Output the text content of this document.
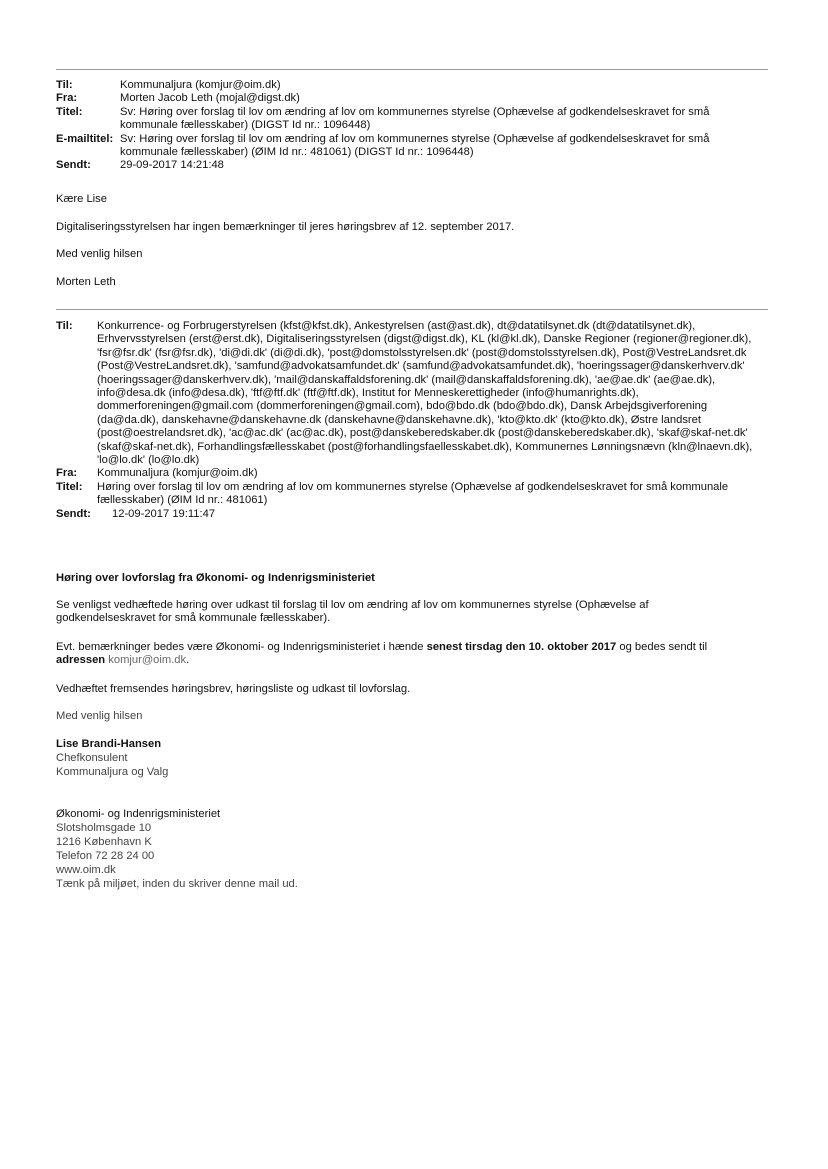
Til:	Kommunaljura (komjur@oim.dk)
Fra:	Morten Jacob Leth (mojal@digst.dk)
Titel:	Sv: Høring over forslag til lov om ændring af lov om kommunernes styrelse (Ophævelse af godkendelseskravet for små kommunale fællesskaber) (DIGST Id nr.: 1096448)
E-mailtitel: Sv: Høring over forslag til lov om ændring af lov om kommunernes styrelse (Ophævelse af godkendelseskravet for små kommunale fællesskaber) (ØIM Id nr.: 481061) (DIGST Id nr.: 1096448)
Sendt:	29-09-2017 14:21:48

Kære Lise

Digitaliseringsstyrelsen har ingen bemærkninger til jeres høringsbrev af 12. september 2017.

Med venlig hilsen

Morten Leth

Til:	Konkurrence- og Forbrugerstyrelsen (kfst@kfst.dk), Ankestyrelsen (ast@ast.dk), dt@datatilsynet.dk (dt@datatilsynet.dk), Erhvervsstyrelsen (erst@erst.dk), Digitaliseringsstyrelsen (digst@digst.dk), KL (kl@kl.dk), Danske Regioner (regioner@regioner.dk), 'fsr@fsr.dk' (fsr@fsr.dk), 'di@di.dk' (di@di.dk), 'post@domstolsstyrelsen.dk' (post@domstolsstyrelsen.dk), Post@VestreLandsret.dk (Post@VestreLandsret.dk), 'samfund@advokatsamfundet.dk' (samfund@advokatsamfundet.dk), 'hoeringssager@danskerhverv.dk' (hoeringssager@danskerhverv.dk), 'mail@danskaffaldsforening.dk' (mail@danskaffaldsforening.dk), 'ae@ae.dk' (ae@ae.dk), info@desa.dk (info@desa.dk), 'ftf@ftf.dk' (ftf@ftf.dk), Institut for Menneskerettigheder (info@humanrights.dk), dommerforeningen@gmail.com (dommerforeningen@gmail.com), bdo@bdo.dk (bdo@bdo.dk), Dansk Arbejdsgiverforening (da@da.dk), danskehavne@danskehavne.dk (danskehavne@danskehavne.dk), 'kto@kto.dk' (kto@kto.dk), Østre landsret (post@oestrelandsret.dk), 'ac@ac.dk' (ac@ac.dk), post@danskeberedskaber.dk (post@danskeberedskaber.dk), 'skaf@skaf-net.dk' (skaf@skaf-net.dk), Forhandlingsfællesskabet (post@forhandlingsfaellesskabet.dk), Kommunernes Lønningsnævn (kln@lnaevn.dk), 'lo@lo.dk' (lo@lo.dk)
Fra:	Kommunaljura (komjur@oim.dk)
Titel:	Høring over forslag til lov om ændring af lov om kommunernes styrelse (Ophævelse af godkendelseskravet for små kommunale fællesskaber) (ØIM Id nr.: 481061)
Sendt:	12-09-2017 19:11:47

Høring over lovforslag fra Økonomi- og Indenrigsministeriet

Se venligst vedhæftede høring over udkast til forslag til lov om ændring af lov om kommunernes styrelse (Ophævelse af godkendelseskravet for små kommunale fællesskaber).

Evt. bemærkninger bedes være Økonomi- og Indenrigsministeriet i hænde senest tirsdag den 10. oktober 2017 og bedes sendt til adressen komjur@oim.dk.

Vedhæftet fremsendes høringsbrev, høringsliste og udkast til lovforslag.

Med venlig hilsen

Lise Brandi-Hansen

Chefkonsulent

Kommunaljura og Valg

Økonomi- og Indenrigsministeriet

Slotsholmsgade 10

1216 København K

Telefon 72 28 24 00

www.oim.dk

Tænk på miljøet, inden du skriver denne mail ud.
